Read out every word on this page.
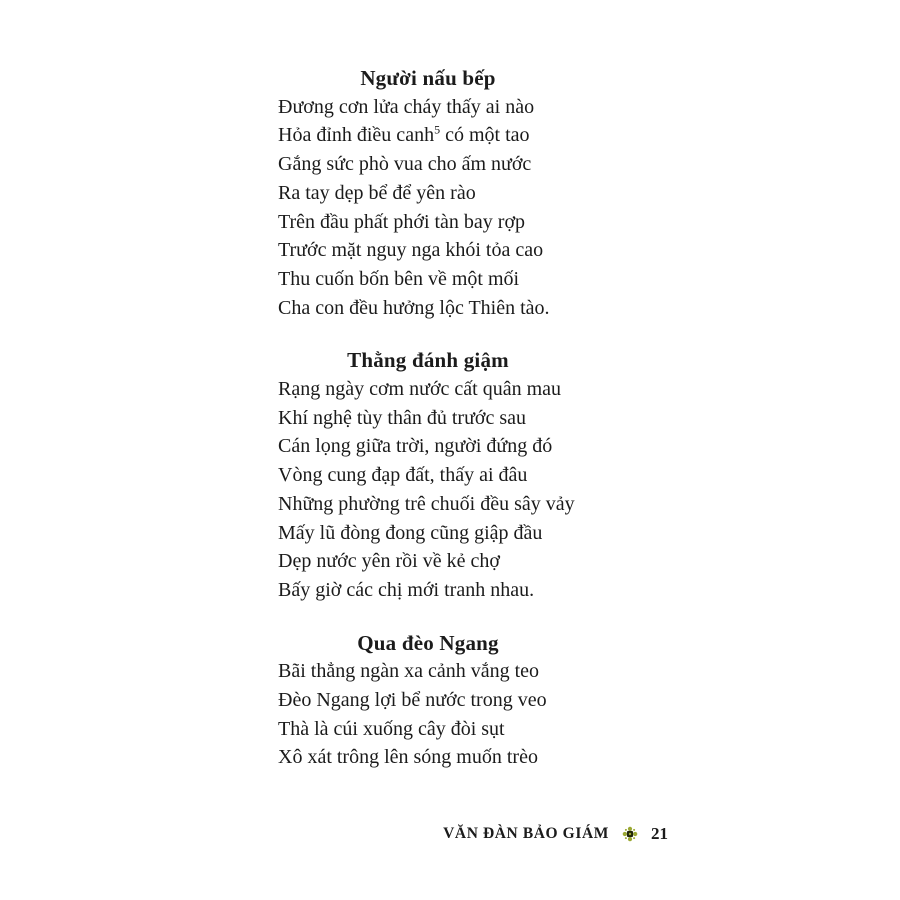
Người nấu bếp

Đương cơn lửa cháy thấy ai nào

Hỏa đỉnh điều canh$^5$ có một tao

Gắng sức phò vua cho ấm nước

Ra tay dẹp bể để yên rào

Trên đầu phất phới tàn bay rợp

Trước mặt nguy nga khói tỏa cao

Thu cuốn bốn bên về một mối

Cha con đều hưởng lộc Thiên tào.

Thằng đánh giậm

Rạng ngày cơm nước cất quân mau

Khí nghệ tùy thân đủ trước sau

Cán lọng giữa trời, người đứng đó

Vòng cung đạp đất, thấy ai đâu

Những phường trê chuối đều sây vảy

Mấy lũ đòng đong cũng giập đầu

Dẹp nước yên rồi về kẻ chợ

Bấy giờ các chị mới tranh nhau.

Qua đèo Ngang

Bãi thẳng ngàn xa cảnh vắng teo

Đèo Ngang lợi bể nước trong veo

Thà là cúi xuống cây đòi sụt

Xô xát trông lên sóng muốn trèo

VĂN ĐÀN BẢO GIÁM 21
